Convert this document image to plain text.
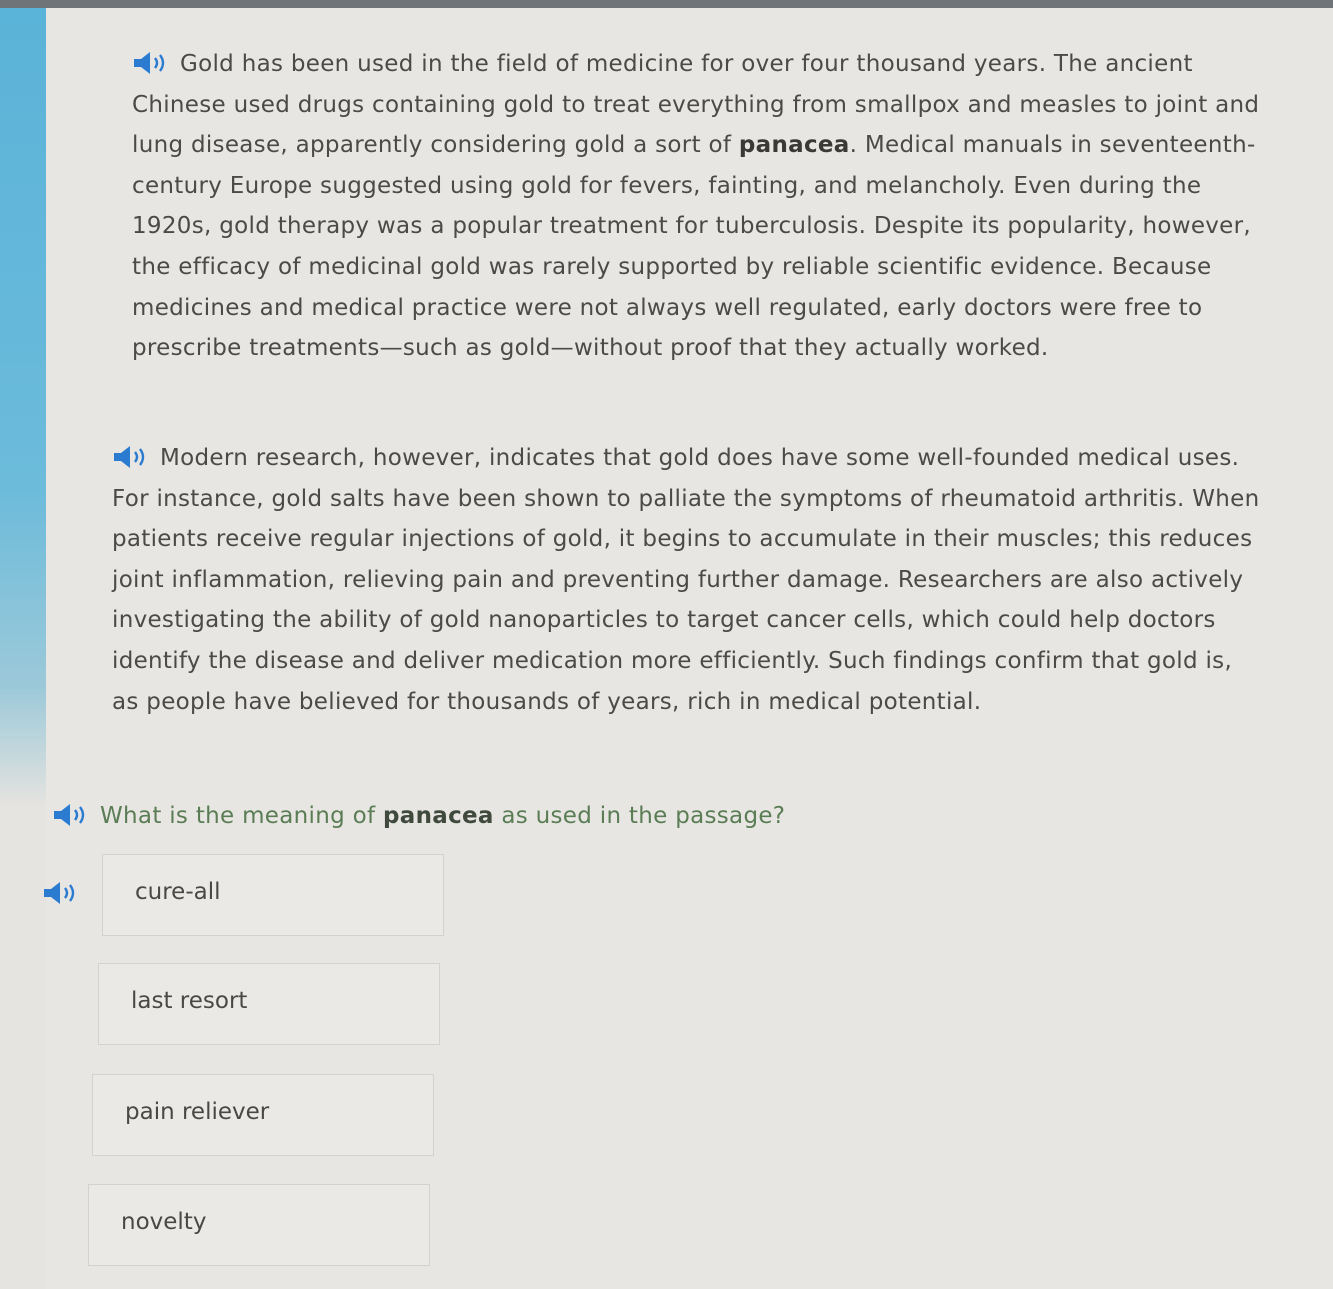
Gold has been used in the field of medicine for over four thousand years. The ancient Chinese used drugs containing gold to treat everything from smallpox and measles to joint and lung disease, apparently considering gold a sort of panacea. Medical manuals in seventeenth-century Europe suggested using gold for fevers, fainting, and melancholy. Even during the 1920s, gold therapy was a popular treatment for tuberculosis. Despite its popularity, however, the efficacy of medicinal gold was rarely supported by reliable scientific evidence. Because medicines and medical practice were not always well regulated, early doctors were free to prescribe treatments—such as gold—without proof that they actually worked.

Modern research, however, indicates that gold does have some well-founded medical uses. For instance, gold salts have been shown to palliate the symptoms of rheumatoid arthritis. When patients receive regular injections of gold, it begins to accumulate in their muscles; this reduces joint inflammation, relieving pain and preventing further damage. Researchers are also actively investigating the ability of gold nanoparticles to target cancer cells, which could help doctors identify the disease and deliver medication more efficiently. Such findings confirm that gold is, as people have believed for thousands of years, rich in medical potential.

What is the meaning of panacea as used in the passage?
cure-all
last resort
pain reliever
novelty
